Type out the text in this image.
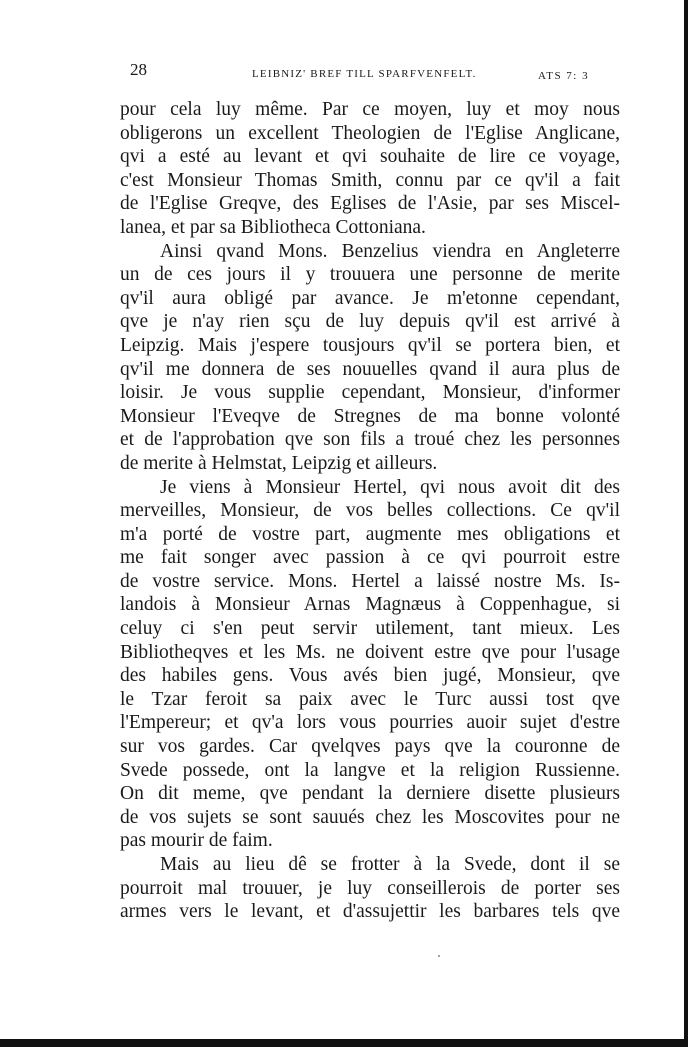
28	LEIBNIZ' BREF TILL SPARFVENFELT.	ATS 7: 3
pour cela luy même. Par ce moyen, luy et moy nous
obligerons un excellent Theologien de l'Eglise Anglicane,
qvi a esté au levant et qvi souhaite de lire ce voyage,
c'est Monsieur Thomas Smith, connu par ce qv'il a fait
de l'Eglise Greqve, des Eglises de l'Asie, par ses Miscel-
lanea, et par sa Bibliotheca Cottoniana.
Ainsi qvand Mons. Benzelius viendra en Angleterre
un de ces jours il y trouuera une personne de merite
qv'il aura obligé par avance. Je m'etonne cependant,
qve je n'ay rien sçu de luy depuis qv'il est arrivé à
Leipzig. Mais j'espere tousjours qv'il se portera bien, et
qv'il me donnera de ses nouuelles qvand il aura plus de
loisir. Je vous supplie cependant, Monsieur, d'informer
Monsieur l'Eveqve de Stregnes de ma bonne volonté
et de l'approbation qve son fils a troué chez les personnes
de merite à Helmstat, Leipzig et ailleurs.
Je viens à Monsieur Hertel, qvi nous avoit dit des
merveilles, Monsieur, de vos belles collections. Ce qv'il
m'a porté de vostre part, augmente mes obligations et
me fait songer avec passion à ce qvi pourroit estre
de vostre service. Mons. Hertel a laissé nostre Ms. Is-
landois à Monsieur Arnas Magnæus à Coppenhague, si
celuy ci s'en peut servir utilement, tant mieux. Les
Bibliotheqves et les Ms. ne doivent estre qve pour l'usage
des habiles gens. Vous avés bien jugé, Monsieur, qve
le Tzar feroit sa paix avec le Turc aussi tost qve
l'Empereur; et qv'a lors vous pourries auoir sujet d'estre
sur vos gardes. Car qvelqves pays qve la couronne de
Svede possede, ont la langve et la religion Russienne.
On dit meme, qve pendant la derniere disette plusieurs
de vos sujets se sont sauués chez les Moscovites pour ne
pas mourir de faim.
Mais au lieu dê se frotter à la Svede, dont il se
pourroit mal trouuer, je luy conseillerois de porter ses
armes vers le levant, et d'assujettir les barbares tels qve
